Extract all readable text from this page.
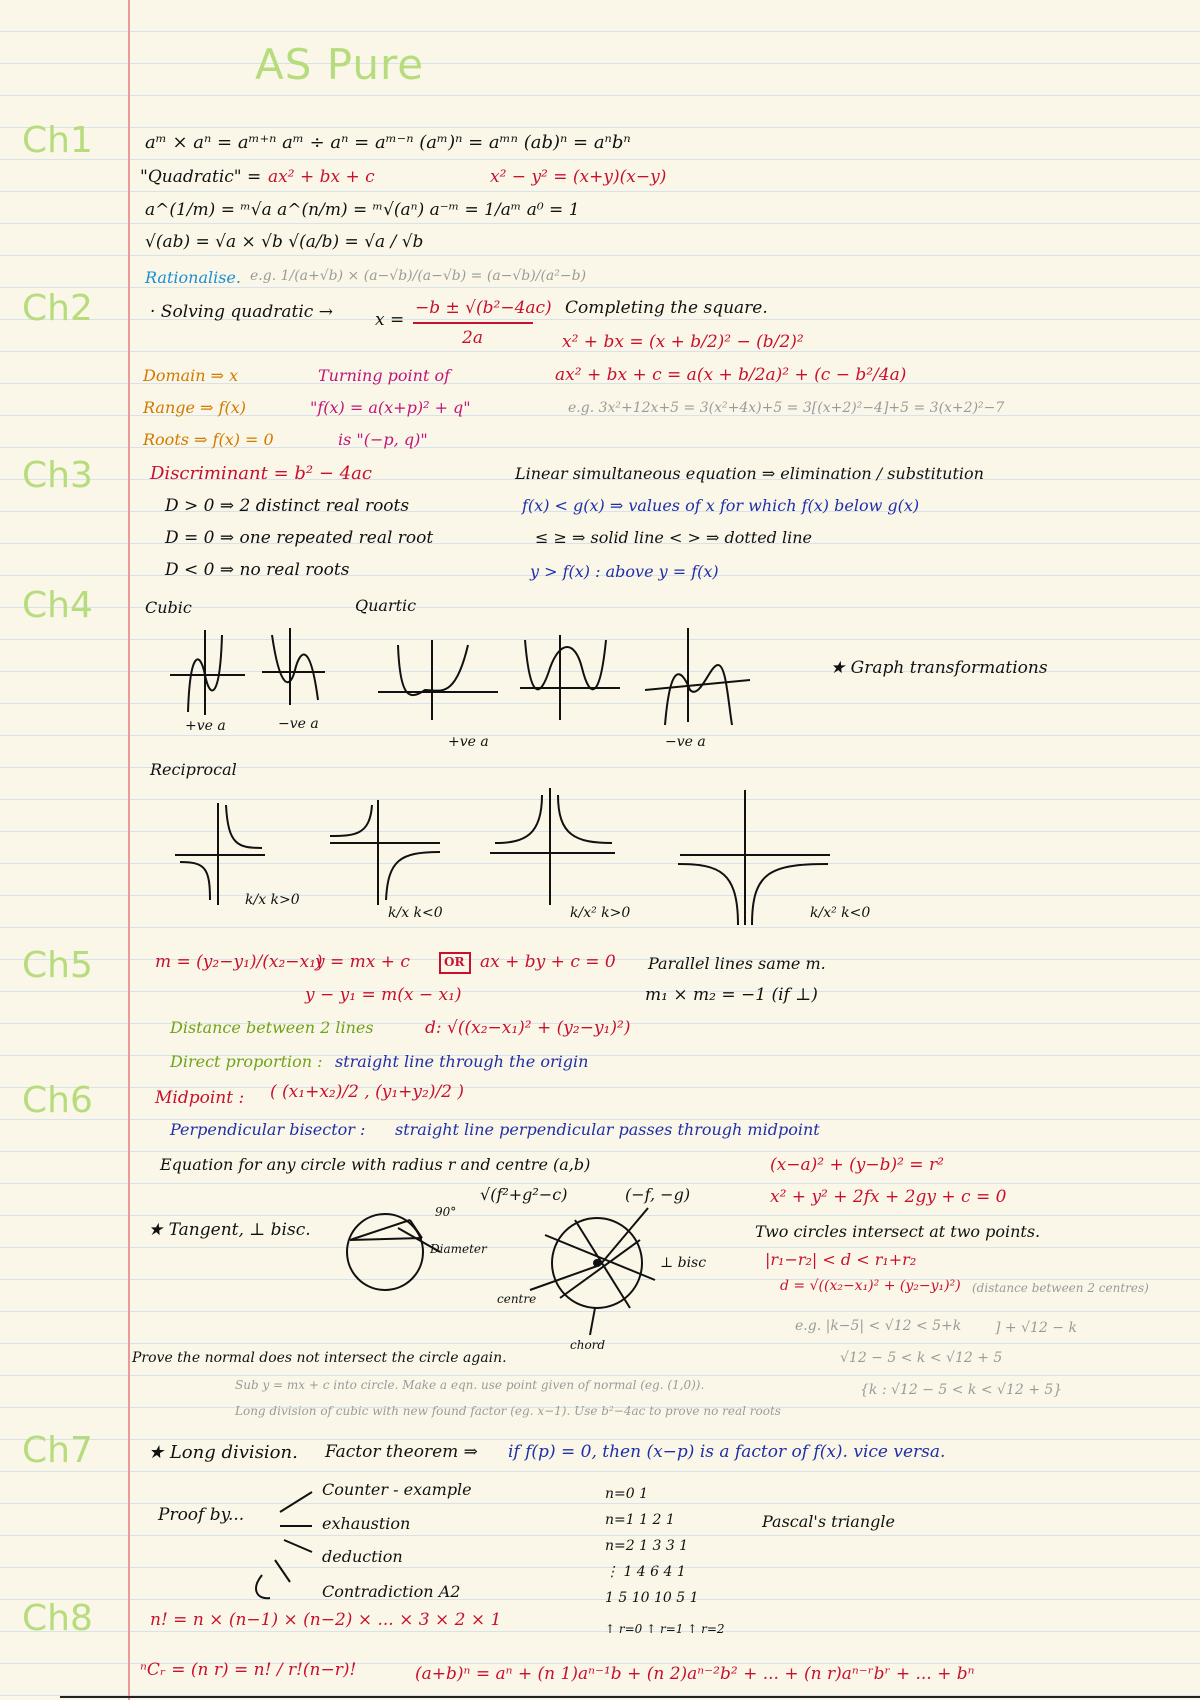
AS Pure
Ch1
Ch2
Ch3
Ch4
Ch5
Ch6
Ch7
Ch8
aᵐ × aⁿ = aᵐ⁺ⁿ aᵐ ÷ aⁿ = aᵐ⁻ⁿ (aᵐ)ⁿ = aᵐⁿ (ab)ⁿ = aⁿbⁿ
"Quadratic" = ax² + bx + c	x² − y² = (x+y)(x−y)
a^(1/m) = ᵐ√a a^(n/m) = ᵐ√(aⁿ) a⁻ᵐ = 1/aᵐ a⁰ = 1
√(ab) = √a × √b √(a/b) = √a / √b
Rationalise. e.g. 1/(a+√b) × (a−√b)/(a−√b) = (a−√b)/(a²−b)
· Solving quadratic → x =
−b ± √(b²−4ac)
2a
Completing the square.
x² + bx = (x + b/2)² − (b/2)²
ax² + bx + c = a(x + b/2a)² + (c − b²/4a)
e.g. 3x²+12x+5 = 3(x²+4x)+5 = 3[(x+2)²−4]+5 = 3(x+2)²−7
Domain ⇒ x
Range ⇒ f(x)
Roots ⇒ f(x) = 0
Turning point of
"f(x) = a(x+p)² + q"
is "(−p, q)"
Discriminant = b² − 4ac
D > 0 ⇒ 2 distinct real roots
D = 0 ⇒ one repeated real root
D < 0 ⇒ no real roots
Linear simultaneous equation ⇒ elimination / substitution
f(x) < g(x) ⇒ values of x for which f(x) below g(x)
≤ ≥ ⇒ solid line < > ⇒ dotted line
y > f(x) : above y = f(x)
Cubic	Quartic
+ve a	−ve a
+ve a	−ve a
★ Graph transformations
Reciprocal
k/x k>0
k/x k<0	k/x² k>0	k/x² k<0
m = (y₂−y₁)/(x₂−x₁)
y = mx + c	OR ax + by + c = 0 Parallel lines same m.
y − y₁ = m(x − x₁)	m₁ × m₂ = −1 (if ⊥)
Distance between 2 lines	d: √((x₂−x₁)² + (y₂−y₁)²)
Direct proportion : straight line through the origin
Midpoint : ( (x₁+x₂)/2 , (y₁+y₂)/2 )
Perpendicular bisector : straight line perpendicular passes through midpoint
Equation for any circle with radius r and centre (a,b)	(x−a)² + (y−b)² = r²
x² + y² + 2fx + 2gy + c = 0
√(f²+g²−c)	(−f, −g)
★ Tangent, ⊥ bisc.
90°
Diameter
centre
chord
⊥ bisc
Two circles intersect at two points.
|r₁−r₂| < d < r₁+r₂
d = √((x₂−x₁)² + (y₂−y₁)²) (distance between 2 centres)
e.g. |k−5| < √12 < 5+k ] + √12 − k
√12 − 5 < k < √12 + 5
{k : √12 − 5 < k < √12 + 5}
Prove the normal does not intersect the circle again.
Sub y = mx + c into circle. Make a eqn. use point given of normal (eg. (1,0)).
Long division of cubic with new found factor (eg. x−1). Use b²−4ac to prove no real roots
★ Long division. Factor theorem ⇒ if f(p) = 0, then (x−p) is a factor of f(x). vice versa.
Proof by...
Counter - example
exhaustion
deduction
Contradiction A2
n=0 1
n=1 1 2 1
n=2 1 3 3 1
⋮ 1 4 6 4 1
1 5 10 10 5 1
Pascal's triangle
n! = n × (n−1) × (n−2) × ... × 3 × 2 × 1	↑ r=0 ↑ r=1 ↑ r=2
ⁿCᵣ = (n r) = n! / r!(n−r)!	(a+b)ⁿ = aⁿ + (n 1)aⁿ⁻¹b + (n 2)aⁿ⁻²b² + ... + (n r)aⁿ⁻ʳbʳ + ... + bⁿ
